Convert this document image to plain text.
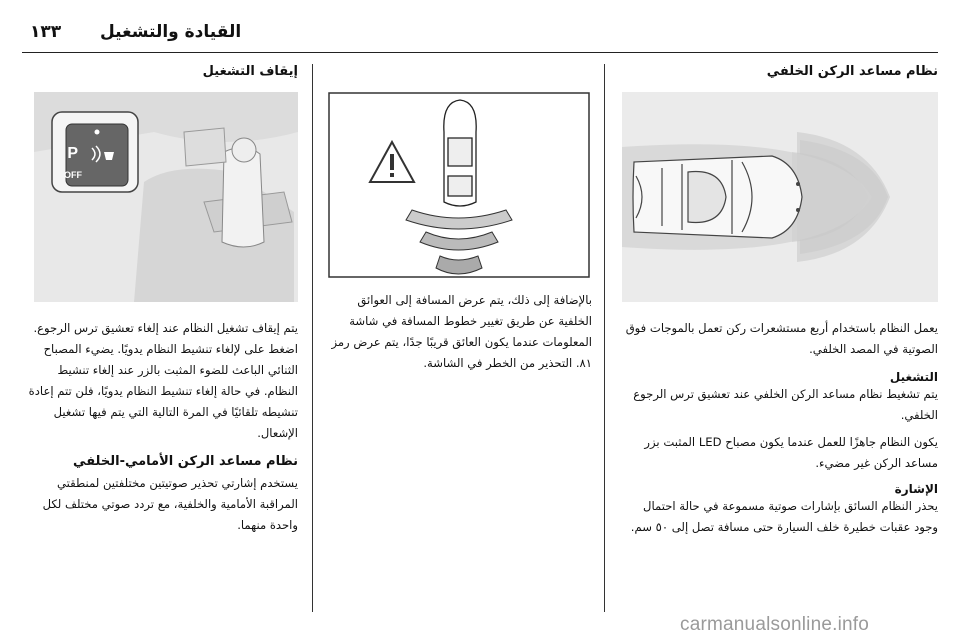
١٣٣ القيادة والتشغيل

نظام مساعد الركن الخلفي

يعمل النظام باستخدام أربع مستشعرات ركن تعمل بالموجات فوق الصوتية في المصد الخلفي.

التشغيل

يتم تشغيط نظام مساعد الركن الخلفي عند تعشيق ترس الرجوع الخلفي.

يكون النظام جاهزًا للعمل عندما يكون مصباح LED المثبت بزر مساعد الركن غير مضيء.

الإشارة

يحذر النظام السائق بإشارات صوتية مسموعة في حالة احتمال وجود عقبات خطيرة خلف السيارة حتى مسافة تصل إلى ٥٠ سم.

بالإضافة إلى ذلك، يتم عرض المسافة إلى العوائق الخلفية عن طريق تغيير خطوط المسافة في شاشة المعلومات عندما يكون العائق قريبًا جدًا، يتم عرض رمز ٨١. التحذير من الخطر في الشاشة.

إيقاف التشغيل

P
OFF

يتم إيقاف تشغيل النظام عند إلغاء تعشيق ترس الرجوع. اضغط على لإلغاء تنشيط النظام يدويًا. يضيء المصباح الثنائي الباعث للضوء المثبت بالزر عند إلغاء تنشيط النظام. في حالة إلغاء تنشيط النظام يدويًا، فلن تتم إعادة تنشيطه تلقائيًا في المرة التالية التي يتم فيها تشغيل الإشعال.

نظام مساعد الركن الأمامي-الخلفي

يستخدم إشارتي تحذير صوتيتين مختلفتين لمنطقتي المراقبة الأمامية والخلفية، مع تردد صوتي مختلف لكل واحدة منهما.

carmanualsonline.info
